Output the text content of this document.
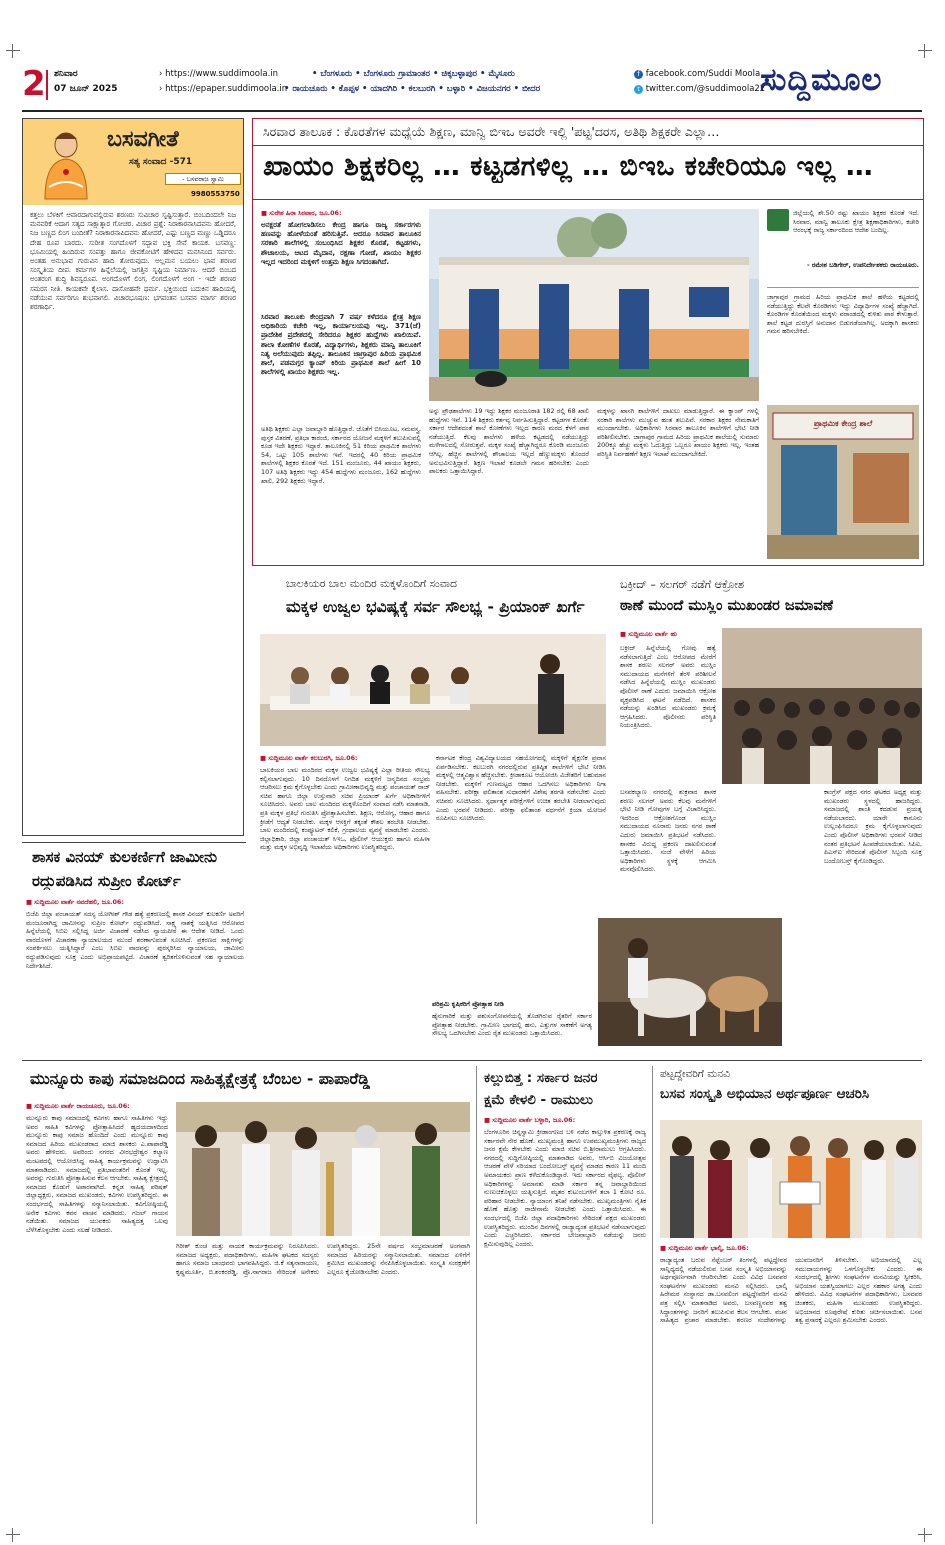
2 ಶನಿವಾರ
07 ಜೂನ್ 2025
› https://www.suddimoola.in
› https://epaper.suddimoola.in
• ಬೆಂಗಳೂರು • ಬೆಂಗಳೂರು ಗ್ರಾಮಾಂತರ • ಚಿಕ್ಕಬಳ್ಳಾಪುರ • ಮೈಸೂರು
• ರಾಯಚೂರು • ಕೊಪ್ಪಳ • ಯಾದಗಿರಿ • ಕಲಬುರಗಿ • ಬಳ್ಳಾರಿ • ವಿಜಯನಗರ • ಬೀದರ
f facebook.com/Suddi Moola
t twitter.com/@suddimoola22
ಸುದ್ದಿಮೂಲ
ಬಸವಗೀತೆ
ಸತ್ಯ ಸಂವಾದ -571
- ಬಸವರಾಜ ಸ್ವಾಮಿ
9980553750
ಕತ್ತಲು ಬೆಳಕಿಗೆ ಆವಾರದಾಗುವಲ್ಲಿರುವ ಶರಣರು ಸುವಿಚಾರ ಸೃಷ್ಟಿಸುತ್ತಾರೆ. ಬಿಂಬದಿಂದಲೇ ನಿಜ ಮನವರಿಕೆ ಆದಾಗ ಸತ್ಯದ ಸಾಕ್ಷಾತ್ಕಾರ ಗೋಚರ. ವಿಚಾರ ಪ್ರಶ್ನೆ: ನಿರಾಕಾರನಾಸಿದವನು ಹೋದರೆ, ನಿಜ ಬಣ್ಣದ ಲಿಂಗ ಬಂದೀತೆ? ನಿರಾಕಾರನಾಪಿದವನು ಹೋದರೆ, ಎಷ್ಟು ಬಣ್ಣದ ಮಣ್ಣು ಒಡ್ಡಿದರೂ ದೇಹ ರೂಪ ಬಾರದು. ಸುರೀತ ಸಂಗದೊಳಗೆ ಸದ್ಭಾವ ಭಕ್ತಿ ಸೇವೆ ಕಾಯಕ. ಬಸವಣ್ಣ: ಭೂಮಿಯಲ್ಲಿ ಹಿಂದಿರುವ ಸಂಪತ್ತು ಹಾಗೂ ಜೀವಕೋಟಿಗೆ ಹೇಳಿದವ ಮನಸಿನಿಂದ ಸರ್ವರು. ಅಂತಹ ಅನುಭಾವ ಗುರುವಿನ ಹಾದಿ ತೋರುವುದು. ಅಲ್ಲಮನ ಬಯಲು ಭಾವ ಶರಣರ ಸಂಸ್ಕೃತಿಯ ದೀಪ. ಕರ್ಮಗಳ ಹಿನ್ನೆಲೆಯಲ್ಲಿ ಜಗತ್ತಿನ ಸೃಷ್ಟಿಯ ನಿರ್ಮಾಣ. ಆದರೆ ಬಿಂಬದ ಅಂತರಂಗ ಶುದ್ಧಿ ಶಿವಸ್ವರೂಪ. ಅಂಗದೊಳಗೆ ಲಿಂಗ, ಲಿಂಗದೊಳಗೆ ಅಂಗ - ಇದೇ ಶರಣರ ಸಮರಸ ನೀತಿ. ಕಾಯಕವೇ ಕೈಲಾಸ. ದಾಸೋಹವೇ ಧರ್ಮ. ಭಕ್ತಿಯಿಂದ ಬದುಕಿನ ಹಾದಿಯಲ್ಲಿ ನಡೆಯುವ ಸರ್ವರಿಗೂ ಶುಭವಾಗಲಿ. ವಿಚಾರಭೂಷಣ: ಭಗವಂತನ ಬಸವನ ಮಾರ್ಗ ಶರಣರ ಶರಣಾರ್ಥಿ.
ಸಿರವಾರ ತಾಲೂಕ : ಕೊರತೆಗಳ ಮಧ್ಯೆಯೆ ಶಿಕ್ಷಣ, ಮಾನ್ವಿ ಬಿಇಒ ಅವರೇ ಇಲ್ಲಿ 'ಪಟ್ಟ'ದರಸ, ಅತಿಥಿ ಶಿಕ್ಷಕರೇ ಎಲ್ಲಾ…
ಖಾಯಂ ಶಿಕ್ಷಕರಿಲ್ಲ … ಕಟ್ಟಡಗಳಿಲ್ಲ … ಬಿಇಒ ಕಚೇರಿಯೂ ಇಲ್ಲ …
■ ಸುರೇಶ ಹಿರಾ ಸಿರವಾರ, ಜೂ.06:
ಅನಕ್ಷರತೆ ಹೋಗಲಾಡಿಸಲು ಕೇಂದ್ರ ಹಾಗೂ ರಾಜ್ಯ ಸರ್ಕಾರಗಳು ಹಣವನ್ನು ಹೋಳೆಯಂತೆ ಹರಿಸುತ್ತಿವೆ. ಆದರೂ ಸಿರವಾರ ತಾಲೂಕಿನ ಸರಕಾರಿ ಶಾಲೆಗಳಲ್ಲಿ ಸಂಬಂಧಿಸಿದ ಶಿಕ್ಷಕರ ಕೊರತೆ, ಕಟ್ಟಡಗಳು, ಶೌಚಾಲಯ, ಆಟದ ಮೈದಾನ, ರಕ್ಷಣಾ ಗೋಡೆ, ಖಾಯಂ ಶಿಕ್ಷಕರ ಇಲ್ಲದ ಇದರಿಂದ ಮಕ್ಕಳಿಗೆ ಉತ್ತಮ ಶಿಕ್ಷಣ ಸಿಗದಂತಾಗಿದೆ.
ಸಿರವಾರ ತಾಲೂಕು ಕೇಂದ್ರವಾಗಿ 7 ವರ್ಷ ಕಳೆದರೂ ಕ್ಷೇತ್ರ ಶಿಕ್ಷಣ ಅಧಿಕಾರಿಯ ಕಚೇರಿ ಇಲ್ಲ, ಕಾರ್ಯಾಲಯವು ಇಲ್ಲ. 371(ಜೆ) ಪ್ರಾದೇಶಿಕ ಪ್ರದೇಶದಲ್ಲಿ ಸೇರಿದರೂ ಶಿಕ್ಷಕರ ಹುದ್ದೆಗಳು ಖಾಲಿಯಿವೆ. ಶಾಲಾ ಕೋಣೆಗಳ ಕೊರತೆ, ವಿದ್ಯಾರ್ಥಿಗಳು, ಶಿಕ್ಷಕರು ಮಾನ್ವಿ ತಾಲೂಕಿಗೆ ನಿತ್ಯ ಅಲೆಯುವುದು ತಪ್ಪಿಲ್ಲ. ತಾಲೂಕಿನ ಜಾಗ್ರಾಪುರ ಹಿರಿಯ ಪ್ರಾಥಮಿಕ ಶಾಲೆ, ಪಡಮಗ್ಗರ ಕ್ಯಾಂಪ್ ಕಿರಿಯ ಪ್ರಾಥಮಿಕ ಶಾಲೆ ಹೀಗೆ 10 ಶಾಲೆಗಳಲ್ಲಿ ಖಾಯಂ ಶಿಕ್ಷಕರು ಇಲ್ಲ.
ಅತಿಥಿ ಶಿಕ್ಷಕರು ಎಲ್ಲಾ ಜವಾಬ್ದಾರಿ ಹೊತ್ತಿದ್ದಾರೆ. ಜೊತೆಗೆ ಬಿಸಿಯೂಟ, ಸಮವಸ್ತ್ರ, ಪುಸ್ತಕ ವಿತರಣೆ, ಪ್ರತಿಭಾ ಕಾರಂಜಿ, ಸರ್ಕಾರದ ಯೋಜನೆ ಮಕ್ಕಳಿಗೆ ತಲುಪಿಸುವಲ್ಲಿ ಕೂಡ ಇದೇ ಶಿಕ್ಷಕರು ಇದ್ದಾರೆ. ತಾಲೂಕಿನಲ್ಲಿ 51 ಕಿರಿಯ ಪ್ರಾಥಮಿಕ ಶಾಲೆಗಳು 54, ಒಟ್ಟು 105 ಶಾಲೆಗಳು ಇವೆ. ಇದರಲ್ಲಿ 40 ಕಿರಿಯ ಪ್ರಾಥಮಿಕ ಶಾಲೆಗಳಲ್ಲಿ ಶಿಕ್ಷಕರ ಕೊರತೆ ಇದೆ. 151 ಮಂಜೂರು, 44 ಖಾಯಂ ಶಿಕ್ಷಕರು, 107 ಅತಿಥಿ ಶಿಕ್ಷಕರು ಇದ್ದು 454 ಹುದ್ದೆಗಳು ಮಂಜೂರು, 162 ಹುದ್ದೆಗಳು ಖಾಲಿ, 292 ಶಿಕ್ಷಕರು ಇದ್ದಾರೆ.
ಅನ್ನು ಪ್ರೌಢಶಾಲೆಗಳು 19 ಇದ್ದು ಶಿಕ್ಷಕರ ಮಂಜೂರಾತಿ 182 ರಲ್ಲಿ 68 ಖಾಲಿ ಹುದ್ದೆಗಳು ಇವೆ. 114 ಶಿಕ್ಷಕರು ಕರ್ತವ್ಯ ನಿರ್ವಹಿಸುತ್ತಿದ್ದಾರೆ. ಕಟ್ಟಡಗಳ ಕೊರತೆ: ಸರ್ಕಾರ ಆದೇಶದಂತೆ ಶಾಲೆ ಕೋಣೆಗಳು ಇಲ್ಲದ ಕಾರಣ ಮರದ ಕೆಳಗೆ ಪಾಠ ನಡೆಯುತ್ತಿದೆ. ಕೆಲವು ಶಾಲೆಗಳು ಹಳೆಯ ಕಟ್ಟಡದಲ್ಲಿ ನಡೆಯುತ್ತಿದ್ದು ಮಳೆಗಾಲದಲ್ಲಿ ಸೋರುತ್ತವೆ. ಮಕ್ಕಳ ಸಂಖ್ಯೆ ಹೆಚ್ಚಾಗಿದ್ದರೂ ಕೊಠಡಿ ಮಂಜೂರು ಆಗಿಲ್ಲ. ಹೆಚ್ಚಿನ ಶಾಲೆಗಳಲ್ಲಿ ಶೌಚಾಲಯ ಇಲ್ಲದೆ ಹೆಣ್ಣುಮಕ್ಕಳು ತೊಂದರೆ ಅನುಭವಿಸುತ್ತಿದ್ದಾರೆ. ಶಿಕ್ಷಣ ಇಲಾಖೆ ಕೂಡಲೇ ಗಮನ ಹರಿಸಬೇಕು ಎಂದು ಪಾಲಕರು ಒತ್ತಾಯಿಸಿದ್ದಾರೆ.
ಮಕ್ಕಳನ್ನು ಖಾಸಗಿ ಶಾಲೆಗಳಿಗೆ ದಾಖಲು ಮಾಡುತ್ತಿದ್ದಾರೆ. ಈ ಕ್ಯಾಂಪ್ ಗಳಲ್ಲಿ ಸರಕಾರಿ ಶಾಲೆಗಳು ಮುಚ್ಚುವ ಹಂತ ತಲುಪಿವೆ. ಸರಕಾರ ಶಿಕ್ಷಕರ ನೇಮಕಾತಿಗೆ ಮುಂದಾಗಬೇಕು. ಅಧಿಕಾರಿಗಳು ಸಿರವಾರ ತಾಲೂಕಿನ ಶಾಲೆಗಳಿಗೆ ಭೇಟಿ ನೀಡಿ ಪರಿಶೀಲಿಸಬೇಕು. ಜಾಗ್ರಾಪುರ ಗ್ರಾಮದ ಹಿರಿಯ ಪ್ರಾಥಮಿಕ ಶಾಲೆಯಲ್ಲಿ ಸುಮಾರು 200ಕ್ಕೂ ಹೆಚ್ಚು ಮಕ್ಕಳು ಓದುತ್ತಿದ್ದು ಒಬ್ಬರೂ ಖಾಯಂ ಶಿಕ್ಷಕರು ಇಲ್ಲ. ಇಂತಹ ಪರಿಸ್ಥಿತಿ ನಿರ್ವಹಣೆಗೆ ಶಿಕ್ಷಣ ಇಲಾಖೆ ಮುಂದಾಗಬೇಕಿದೆ.
ಜಿಲ್ಲೆಯಲ್ಲಿ ಶೇ.50 ರಷ್ಟು ಖಾಯಂ ಶಿಕ್ಷಕರ ಕೊರತೆ ಇದೆ. ಸಿರವಾರ, ಮಾನ್ವಿ ತಾಲೂಕು ಕ್ಷೇತ್ರ ಶಿಕ್ಷಣಾಧಿಕಾರಿಗಳು, ಕಚೇರಿ ಆರಂಭಕ್ಕೆ ರಾಜ್ಯ ಸರ್ಕಾರದಿಂದ ಆದೇಶ ಬಂದಿಲ್ಲ.
- ರಮೇಶ ಬಡಿಗೇರ್, ಉಪನಿರ್ದೇಶಕರು ರಾಯಚೂರು.
ಜಾಗ್ರಾಪುರ ಗ್ರಾಮದ ಹಿರಿಯ ಪ್ರಾಥಮಿಕ ಶಾಲೆ ಹಳೆಯ ಕಟ್ಟಡದಲ್ಲಿ ನಡೆಯುತ್ತಿದ್ದು ಕೆಲವೇ ಕೊಠಡಿಗಳು ಇದ್ದು ವಿದ್ಯಾರ್ಥಿಗಳ ಸಂಖ್ಯೆ ಹೆಚ್ಚಾಗಿದೆ. ಕೊಠಡಿಗಳ ಕೊರತೆಯಿಂದ ಮಕ್ಕಳು ವರಾಂಡದಲ್ಲಿ ಕುಳಿತು ಪಾಠ ಕೇಳುತ್ತಾರೆ. ಶಾಲೆ ಕಟ್ಟಡ ದುರಸ್ತಿಗೆ ಅನುದಾನ ಬಿಡುಗಡೆಯಾಗಿಲ್ಲ. ಅದಕ್ಕಾಗಿ ಶಾಸಕರು ಗಮನ ಹರಿಸಬೇಕಿದೆ.
ಪ್ರಾಥಮಿಕ ಕೇಂದ್ರ ಶಾಲೆ
ಬಾಲಕಿಯರ ಬಾಲ ಮಂದಿರ ಮಕ್ಕಳೊಂದಿಗೆ ಸಂವಾದ
ಮಕ್ಕಳ ಉಜ್ವಲ ಭವಿಷ್ಯಕ್ಕೆ ಸರ್ವ ಸೌಲಭ್ಯ - ಪ್ರಿಯಾಂಕ್ ಖರ್ಗೆ
■ ಸುದ್ದಿಮೂಲ ವಾರ್ತೆ ಕಲಬುರಗಿ, ಜೂ.06:
ಬಾಲಕಿಯರ ಬಾಲ ಮಂದಿರದ ಮಕ್ಕಳ ಉಜ್ವಲ ಭವಿಷ್ಯಕ್ಕೆ ಎಲ್ಲಾ ರೀತಿಯ ಸೌಲಭ್ಯ ಕಲ್ಪಿಸಲಾಗುವುದು. 10 ದಿನದೊಳಗೆ ನಿಗದಿತ ಮಕ್ಕಳಿಗೆ ಜನ್ಮದಿನದ ಸಂಭ್ರಮ ಆಚರಿಸಲು ಕ್ರಮ ಕೈಗೊಳ್ಳಬೇಕು ಎಂದು ಗ್ರಾಮೀಣಾಭಿವೃದ್ಧಿ ಮತ್ತು ಪಂಚಾಯತ್ ರಾಜ್ ಸಚಿವ ಹಾಗೂ ಜಿಲ್ಲಾ ಉಸ್ತುವಾರಿ ಸಚಿವ ಪ್ರಿಯಾಂಕ್ ಖರ್ಗೆ ಅಧಿಕಾರಿಗಳಿಗೆ ಸೂಚಿಸಿದರು. ಅವರು ಬಾಲ ಮಂದಿರದ ಮಕ್ಕಳೊಂದಿಗೆ ಸಂವಾದ ನಡೆಸಿ ಮಾತನಾಡಿ, ಪ್ರತಿ ಮಕ್ಕಳ ಪ್ರತಿಭೆ ಗುರುತಿಸಿ ಪ್ರೋತ್ಸಾಹಿಸಬೇಕು. ಶಿಕ್ಷಣ, ಆರೋಗ್ಯ, ಆಹಾರ ಹಾಗೂ ಕ್ರೀಡೆಗೆ ಆದ್ಯತೆ ನೀಡಬೇಕು. ಮಕ್ಕಳ ಆಸಕ್ತಿಗೆ ತಕ್ಕಂತೆ ಕೌಶಲ ತರಬೇತಿ ನೀಡಬೇಕು. ಬಾಲ ಮಂದಿರದಲ್ಲಿ ಕಂಪ್ಯೂಟರ್ ಕಲಿಕೆ, ಗ್ರಂಥಾಲಯ ವ್ಯವಸ್ಥೆ ಮಾಡಬೇಕು ಎಂದರು. ಜಿಲ್ಲಾಧಿಕಾರಿ, ಜಿಲ್ಲಾ ಪಂಚಾಯತ್ ಸಿಇಒ, ಪೊಲೀಸ್ ಆಯುಕ್ತರು ಹಾಗೂ ಮಹಿಳಾ ಮತ್ತು ಮಕ್ಕಳ ಅಭಿವೃದ್ಧಿ ಇಲಾಖೆಯ ಅಧಿಕಾರಿಗಳು ಉಪಸ್ಥಿತರಿದ್ದರು.
ಕರ್ನಾಟಕ ಕೇಂದ್ರ ವಿಶ್ವವಿದ್ಯಾಲಯದ ಸಹಯೋಗದಲ್ಲಿ ಮಕ್ಕಳಿಗೆ ಶೈಕ್ಷಣಿಕ ಪ್ರವಾಸ ಏರ್ಪಡಿಸಬೇಕು. ಕಲಬುರಗಿ ನಗರದಲ್ಲಿರುವ ಪ್ರತಿಷ್ಠಿತ ಶಾಲೆಗಳಿಗೆ ಭೇಟಿ ನೀಡಿಸಿ ಮಕ್ಕಳಲ್ಲಿ ಆತ್ಮವಿಶ್ವಾಸ ಹೆಚ್ಚಿಸಬೇಕು. ಕ್ರೀಡಾಕೂಟ ಆಯೋಜಿಸಿ ವಿಜೇತರಿಗೆ ಬಹುಮಾನ ನೀಡಬೇಕು. ಮಕ್ಕಳಿಗೆ ಗುಣಮಟ್ಟದ ಆಹಾರ ಒದಗಿಸಲು ಅಧಿಕಾರಿಗಳು ನಿಗಾ ವಹಿಸಬೇಕು. ಪರೀಕ್ಷಾ ಫಲಿತಾಂಶ ಸುಧಾರಣೆಗೆ ವಿಶೇಷ ತರಗತಿ ನಡೆಸಬೇಕು ಎಂದು ಸಚಿವರು ಸೂಚಿಸಿದರು. ಸ್ಪರ್ಧಾತ್ಮಕ ಪರೀಕ್ಷೆಗಳಿಗೆ ಉಚಿತ ತರಬೇತಿ ನೀಡಲಾಗುವುದು ಎಂದು ಭರವಸೆ ನೀಡಿದರು. ಪರೀಕ್ಷಾ ಫಲಿತಾಂಶ ವರ್ಧನೆಗೆ ಕ್ರಿಯಾ ಯೋಜನೆ ರೂಪಿಸಲು ಸೂಚಿಸಿದರು.
ಬಕ್ರೀದ್ – ಸಲಗರ್ ನಡೆಗೆ ಆಕ್ರೋಶ
ಠಾಣೆ ಮುಂದೆ ಮುಸ್ಲಿಂ ಮುಖಂಡರ ಜಮಾವಣೆ
■ ಸುದ್ದಿಮೂಲ ವಾರ್ತೆ ಹು
ಬಕ್ರೀದ್ ಹಿನ್ನೆಲೆಯಲ್ಲಿ ಗೋವು ಹತ್ಯೆ ನಡೆಸಲಾಗುತ್ತಿದೆ ಎಂಬ ಆರೋಪದ ಮೇರೆಗೆ ಶಾಸಕ ಶರಣು ಸಲಗರ್ ಅವರು ಮುಸ್ಲಿಂ ಸಮುದಾಯದ ಮನೆಗಳಿಗೆ ತೆರಳಿ ಪರಿಶೀಲನೆ ನಡೆಸಿದ ಹಿನ್ನೆಲೆಯಲ್ಲಿ ಮುಸ್ಲಿಂ ಮುಖಂಡರು ಪೊಲೀಸ್ ಠಾಣೆ ಎದುರು ಜಮಾಯಿಸಿ ಆಕ್ರೋಶ ವ್ಯಕ್ತಪಡಿಸಿದ ಘಟನೆ ನಡೆದಿದೆ. ಶಾಸಕರ ನಡೆಯನ್ನು ಖಂಡಿಸಿದ ಮುಖಂಡರು ಕ್ರಮಕ್ಕೆ ಆಗ್ರಹಿಸಿದರು. ಪೊಲೀಸರು ಪರಿಸ್ಥಿತಿ ನಿಯಂತ್ರಿಸಿದರು.
ಬಸವಕಲ್ಯಾಣ ನಗರದಲ್ಲಿ ಶುಕ್ರವಾರ ಶಾಸಕ ಶರಣು ಸಲಗರ್ ಅವರು ಕೆಲವು ಮನೆಗಳಿಗೆ ಭೇಟಿ ನೀಡಿ ಗೋವುಗಳ ಬಗ್ಗೆ ವಿಚಾರಿಸಿದ್ದರು. ಇದರಿಂದ ಆಕ್ರೋಶಗೊಂಡ ಮುಸ್ಲಿಂ ಸಮುದಾಯದ ನೂರಾರು ಜನರು ನಗರ ಠಾಣೆ ಎದುರು ಜಮಾಯಿಸಿ ಪ್ರತಿಭಟನೆ ನಡೆಸಿದರು. ಶಾಸಕರ ವಿರುದ್ಧ ಪ್ರಕರಣ ದಾಖಲಿಸುವಂತೆ ಒತ್ತಾಯಿಸಿದರು. ಸಂಜೆ ವೇಳೆಗೆ ಹಿರಿಯ ಅಧಿಕಾರಿಗಳು ಸ್ಥಳಕ್ಕೆ ಆಗಮಿಸಿ ಮನವೊಲಿಸಿದರು.
ಕಾಂಗ್ರೆಸ್ ಪಕ್ಷದ ನಗರ ಘಟಕದ ಅಧ್ಯಕ್ಷ ಮತ್ತು ಮುಖಂಡರು ಸ್ಥಳದಲ್ಲಿ ಹಾಜರಿದ್ದರು. ಸಮಾಜದಲ್ಲಿ ಶಾಂತಿ ಕದಡುವ ಪ್ರಯತ್ನ ನಡೆಯಬಾರದು. ಯಾರೇ ಕಾನೂನು ಉಲ್ಲಂಘಿಸಿದರೂ ಕ್ರಮ ಕೈಗೊಳ್ಳಲಾಗುವುದು ಎಂದು ಪೊಲೀಸ್ ಅಧಿಕಾರಿಗಳು ಭರವಸೆ ನೀಡಿದ ನಂತರ ಪ್ರತಿಭಟನೆ ಹಿಂಪಡೆಯಲಾಯಿತು. ಸಿಪಿಐ, ಪಿಎಸ್ಐ ಸೇರಿದಂತೆ ಪೊಲೀಸ್ ಸಿಬ್ಬಂದಿ ಸೂಕ್ತ ಬಂದೋಬಸ್ತ್ ಕೈಗೊಂಡಿದ್ದರು.
ಪರಿಶ್ರಮಿ ಕೃಷಿಕರಿಗೆ ಪ್ರೋತ್ಸಾಹ ನೀಡಿ
ಹೈನುಗಾರಿಕೆ ಮತ್ತು ಪಶುಸಂಗೋಪನೆಯಲ್ಲಿ ತೊಡಗಿರುವ ರೈತರಿಗೆ ಸರ್ಕಾರ ಪ್ರೋತ್ಸಾಹ ನೀಡಬೇಕು. ಗ್ರಾಮೀಣ ಭಾಗದಲ್ಲಿ ಹಸು, ಎತ್ತುಗಳ ಸಾಕಣೆಗೆ ಅಗತ್ಯ ಸೌಲಭ್ಯ ಒದಗಿಸಬೇಕು ಎಂದು ರೈತ ಮುಖಂಡರು ಒತ್ತಾಯಿಸಿದರು.
ಶಾಸಕ ವಿನಯ್ ಕುಲಕರ್ಣಿಗೆ ಜಾಮೀನು
ರದ್ದುಪಡಿಸಿದ ಸುಪ್ರೀಂ ಕೋರ್ಟ್
■ ಸುದ್ದಿಮೂಲ ವಾರ್ತೆ ನವದೆಹಲಿ, ಜೂ.06:
ಬಿಜೆಪಿ ಜಿಲ್ಲಾ ಪಂಚಾಯತ್ ಸದಸ್ಯ ಯೋಗೀಶ್ ಗೌಡ ಹತ್ಯೆ ಪ್ರಕರಣದಲ್ಲಿ ಶಾಸಕ ವಿನಯ್ ಕುಲಕರ್ಣಿ ಅವರಿಗೆ ಮಂಜೂರಾಗಿದ್ದ ಜಾಮೀನನ್ನು ಸುಪ್ರೀಂ ಕೋರ್ಟ್ ರದ್ದುಪಡಿಸಿದೆ. ಸಾಕ್ಷ್ಯ ನಾಶಕ್ಕೆ ಯತ್ನಿಸಿದ ಆರೋಪದ ಹಿನ್ನೆಲೆಯಲ್ಲಿ ಸಿಬಿಐ ಸಲ್ಲಿಸಿದ್ದ ಅರ್ಜಿ ವಿಚಾರಣೆ ನಡೆಸಿದ ನ್ಯಾಯಪೀಠ ಈ ಆದೇಶ ನೀಡಿದೆ. ಒಂದು ವಾರದೊಳಗೆ ವಿಚಾರಣಾ ನ್ಯಾಯಾಲಯದ ಮುಂದೆ ಶರಣಾಗುವಂತೆ ಸೂಚಿಸಿದೆ. ಪ್ರಕರಣದ ಸಾಕ್ಷಿಗಳನ್ನು ಸಂಪರ್ಕಿಸಲು ಯತ್ನಿಸಿದ್ದಾರೆ ಎಂಬ ಸಿಬಿಐ ವಾದವನ್ನು ಪುರಸ್ಕರಿಸಿದ ನ್ಯಾಯಾಲಯ, ಜಾಮೀನು ರದ್ದುಪಡಿಸುವುದು ಸೂಕ್ತ ಎಂದು ಅಭಿಪ್ರಾಯಪಟ್ಟಿದೆ. ವಿಚಾರಣೆ ತ್ವರಿತಗೊಳಿಸುವಂತೆ ಸಹ ನ್ಯಾಯಾಲಯ ನಿರ್ದೇಶಿಸಿದೆ.
ಮುನ್ನೂರು ಕಾಪು ಸಮಾಜದಿಂದ ಸಾಹಿತ್ಯಕ್ಷೇತ್ರಕ್ಕೆ ಬೆಂಬಲ - ಪಾಪಾರೆಡ್ಡಿ
■ ಸುದ್ದಿಮೂಲ ವಾರ್ತೆ ರಾಯಚೂರು, ಜೂ.06:
ಮುನ್ನೂರು ಕಾಪು ಸಮಾಜದಲ್ಲಿ ಕವಿಗಳು ಹಾಗೂ ಸಾಹಿತಿಗಳು ಇದ್ದು ಅವರ ಸಾಹಿತಿ ಕವಿಗಳನ್ನು ಪ್ರೋತ್ಸಾಹಿಸಿದರೆ ಹೃದಯದಾಳದಿಂದ ಮುನ್ನೂರು ಕಾಪು ಸಮಾಜ ಹೊಂದಿದೆ ಎಂದು ಮುನ್ನೂರು ಕಾಪು ಸಮಾಜದ ಹಿರಿಯ ಮುಖಂಡರಾದ ಮಾಜಿ ಶಾಸಕರು ಎ.ಪಾಪಾರೆಡ್ಡಿ ಅವರು ಹೇಳಿದರು. ಅವರಿಂದು ನಗರದ ವೀರಭದ್ರೇಶ್ವರ ಕಲ್ಯಾಣ ಮಂಟಪದಲ್ಲಿ ಆಯೋಜಿಸಿದ್ದ ಸಾಹಿತ್ಯ ಕಾರ್ಯಕ್ರಮವನ್ನು ಉದ್ಘಾಟಿಸಿ ಮಾತನಾಡಿದರು. ಸಮಾಜದಲ್ಲಿ ಪ್ರತಿಭಾವಂತರಿಗೆ ಕೊರತೆ ಇಲ್ಲ. ಅವರನ್ನು ಗುರುತಿಸಿ ಪ್ರೋತ್ಸಾಹಿಸುವ ಕೆಲಸ ಆಗಬೇಕು. ಸಾಹಿತ್ಯ ಕ್ಷೇತ್ರದಲ್ಲಿ ಸಮಾಜದ ಕೊಡುಗೆ ಅಪಾರವಾಗಿದೆ. ಕನ್ನಡ ಸಾಹಿತ್ಯ ಪರಿಷತ್ ಜಿಲ್ಲಾಧ್ಯಕ್ಷರು, ಸಮಾಜದ ಮುಖಂಡರು, ಕವಿಗಳು ಉಪಸ್ಥಿತರಿದ್ದರು. ಈ ಸಂದರ್ಭದಲ್ಲಿ ಸಾಹಿತಿಗಳನ್ನು ಸನ್ಮಾನಿಸಲಾಯಿತು. ಕವಿಗೋಷ್ಠಿಯಲ್ಲಿ ಅನೇಕ ಕವಿಗಳು ಕವನ ವಾಚನ ಮಾಡಿದರು. ಗಜಲ್ ಗಾಯನ ನಡೆಯಿತು. ಸಮಾಜದ ಯುವಕರು ಸಾಹಿತ್ಯದತ್ತ ಒಲವು ಬೆಳೆಸಿಕೊಳ್ಳಬೇಕು ಎಂದು ಸಲಹೆ ನೀಡಿದರು.
ಗಿರೀಶ್ ಕುಂಚ ಮತ್ತು ನಾಯಕ ಕಾರ್ಯಕ್ರಮವನ್ನು ನಿರೂಪಿಸಿದರು. ಸಮಾಜದ ಅಧ್ಯಕ್ಷರು, ಪದಾಧಿಕಾರಿಗಳು, ಮಹಿಳಾ ಘಟಕದ ಸದಸ್ಯರು ಹಾಗೂ ಸಮಾಜ ಬಾಂಧವರು ಭಾಗವಹಿಸಿದ್ದರು. ಜಿ.ಕೆ ಸತ್ಯನಾರಾಯಣ, ಕೃಷ್ಣಮೂರ್ತಿ, ಬಿ.ಶಂಕರರೆಡ್ಡಿ, ಪ್ರೊ.ನಾಗರಾಜ ಸೇರಿದಂತೆ ಅನೇಕರು ಉಪಸ್ಥಿತರಿದ್ದರು. 25ನೇ ವರ್ಷದ ಸಂಭ್ರಮಾಚರಣೆ ಅಂಗವಾಗಿ ಸಮಾಜದ ಹಿರಿಯರನ್ನು ಸನ್ಮಾನಿಸಲಾಯಿತು. ಸಮಾಜದ ಏಳಿಗೆಗೆ ಶ್ರಮಿಸಿದ ಮುಖಂಡರನ್ನು ನೆನಪಿಸಿಕೊಳ್ಳಲಾಯಿತು. ಸಂಸ್ಕೃತಿ ಸಂರಕ್ಷಣೆಗೆ ಎಲ್ಲರೂ ಕೈಜೋಡಿಸಬೇಕು ಎಂದರು.
ಕಲ್ಲುಬಿತ್ತ : ಸರ್ಕಾರ ಜನರ
ಕ್ಷಮೆ ಕೇಳಲಿ - ರಾಮುಲು
■ ಸುದ್ದಿಮೂಲ ವಾರ್ತೆ ಬಳ್ಳಾರಿ, ಜೂ.06:
ಬೆಂಗಳೂರಿನ ಚಿನ್ನಸ್ವಾಮಿ ಕ್ರೀಡಾಂಗಣದ ಬಳಿ ನಡೆದ ಕಾಲ್ತುಳಿತ ಪ್ರಕರಣಕ್ಕೆ ರಾಜ್ಯ ಸರ್ಕಾರವೇ ನೇರ ಹೊಣೆ. ಮುಖ್ಯಮಂತ್ರಿ ಹಾಗೂ ಉಪಮುಖ್ಯಮಂತ್ರಿಗಳು ರಾಜ್ಯದ ಜನರ ಕ್ಷಮೆ ಕೇಳಬೇಕು ಎಂದು ಮಾಜಿ ಸಚಿವ ಬಿ.ಶ್ರೀರಾಮುಲು ಆಗ್ರಹಿಸಿದರು. ನಗರದಲ್ಲಿ ಸುದ್ದಿಗೋಷ್ಠಿಯಲ್ಲಿ ಮಾತನಾಡಿದ ಅವರು, ಆರ್ಸಿಬಿ ವಿಜಯೋತ್ಸವ ಆಚರಣೆ ವೇಳೆ ಸರಿಯಾದ ಬಂದೋಬಸ್ತ್ ವ್ಯವಸ್ಥೆ ಮಾಡದ ಕಾರಣ 11 ಮಂದಿ ಅಮಾಯಕರು ಪ್ರಾಣ ಕಳೆದುಕೊಂಡಿದ್ದಾರೆ. ಇದು ಸರ್ಕಾರದ ವೈಫಲ್ಯ. ಪೊಲೀಸ್ ಅಧಿಕಾರಿಗಳನ್ನು ಅಮಾನತು ಮಾಡಿ ಸರ್ಕಾರ ತನ್ನ ಜವಾಬ್ದಾರಿಯಿಂದ ನುಣುಚಿಕೊಳ್ಳಲು ಯತ್ನಿಸುತ್ತಿದೆ. ಮೃತರ ಕುಟುಂಬಗಳಿಗೆ ತಲಾ 1 ಕೋಟಿ ರೂ. ಪರಿಹಾರ ನೀಡಬೇಕು. ನ್ಯಾಯಾಂಗ ತನಿಖೆ ನಡೆಸಬೇಕು. ಮುಖ್ಯಮಂತ್ರಿಗಳು ನೈತಿಕ ಹೊಣೆ ಹೊತ್ತು ರಾಜೀನಾಮೆ ನೀಡಬೇಕು ಎಂದು ಒತ್ತಾಯಿಸಿದರು. ಈ ಸಂದರ್ಭದಲ್ಲಿ ಬಿಜೆಪಿ ಜಿಲ್ಲಾ ಪದಾಧಿಕಾರಿಗಳು ಸೇರಿದಂತೆ ಪಕ್ಷದ ಮುಖಂಡರು ಉಪಸ್ಥಿತರಿದ್ದರು. ಮುಂದಿನ ದಿನಗಳಲ್ಲಿ ರಾಜ್ಯಾದ್ಯಂತ ಪ್ರತಿಭಟನೆ ನಡೆಸಲಾಗುವುದು ಎಂದು ಎಚ್ಚರಿಸಿದರು. ಸರ್ಕಾರದ ಬೇಜವಾಬ್ದಾರಿ ನಡೆಯನ್ನು ಜನರು ಕ್ಷಮಿಸುವುದಿಲ್ಲ ಎಂದರು.
ಪಟ್ಟದ್ದೇವರಿಗೆ ಮನವಿ
ಬಸವ ಸಂಸ್ಕೃತಿ ಅಭಿಯಾನ ಅರ್ಥಪೂರ್ಣ ಆಚರಿಸಿ
■ ಸುದ್ದಿಮೂಲ ವಾರ್ತೆ ಭಾಲ್ಕಿ, ಜೂ.06:
ರಾಜ್ಯಾದ್ಯಂತ ಬರುವ ಸೆಪ್ಟೆಂಬರ್ ತಿಂಗಳಲ್ಲಿ ಪಟ್ಟದ್ದೇವರ ಸಾನ್ನಿಧ್ಯದಲ್ಲಿ ನಡೆಯಲಿರುವ ಬಸವ ಸಂಸ್ಕೃತಿ ಅಭಿಯಾನವನ್ನು ಅರ್ಥಪೂರ್ಣವಾಗಿ ಆಚರಿಸಬೇಕು ಎಂದು ವಿವಿಧ ಬಸವಪರ ಸಂಘಟನೆಗಳ ಮುಖಂಡರು ಮನವಿ ಸಲ್ಲಿಸಿದರು. ಭಾಲ್ಕಿ ಹಿರೇಮಠ ಸಂಸ್ಥಾನದ ಡಾ.ಬಸವಲಿಂಗ ಪಟ್ಟದ್ದೇವರಿಗೆ ಮನವಿ ಪತ್ರ ಸಲ್ಲಿಸಿ ಮಾತನಾಡಿದ ಅವರು, ಬಸವಣ್ಣನವರ ತತ್ವ ಸಿದ್ಧಾಂತಗಳನ್ನು ಜನರಿಗೆ ತಲುಪಿಸುವ ಕೆಲಸ ಆಗಬೇಕು. ವಚನ ಸಾಹಿತ್ಯದ ಪ್ರಚಾರ ಮಾಡಬೇಕು. ಶರಣರ ಸಂದೇಶಗಳನ್ನು ಯುವಜನರಿಗೆ ತಿಳಿಸಬೇಕು. ಅಭಿಯಾನದಲ್ಲಿ ಎಲ್ಲ ಸಮುದಾಯಗಳನ್ನು ಒಳಗೊಳ್ಳಬೇಕು ಎಂದರು. ಈ ಸಂದರ್ಭದಲ್ಲಿ ಶ್ರೀಗಳು ಸಂಘಟನೆಗಳ ಮನವಿಯನ್ನು ಸ್ವೀಕರಿಸಿ, ಅಭಿಯಾನ ಯಶಸ್ವಿಯಾಗಲು ಎಲ್ಲರ ಸಹಕಾರ ಅಗತ್ಯ ಎಂದು ಹೇಳಿದರು. ವಿವಿಧ ಸಂಘಟನೆಗಳ ಪದಾಧಿಕಾರಿಗಳು, ಬಸವಪರ ಚಿಂತಕರು, ಮಹಿಳಾ ಮುಖಂಡರು ಉಪಸ್ಥಿತರಿದ್ದರು. ಅಭಿಯಾನದ ರೂಪುರೇಷೆ ಕುರಿತು ಚರ್ಚಿಸಲಾಯಿತು. ಬಸವ ತತ್ವ ಪ್ರಸಾರಕ್ಕೆ ಎಲ್ಲರೂ ಶ್ರಮಿಸಬೇಕು ಎಂದರು.
